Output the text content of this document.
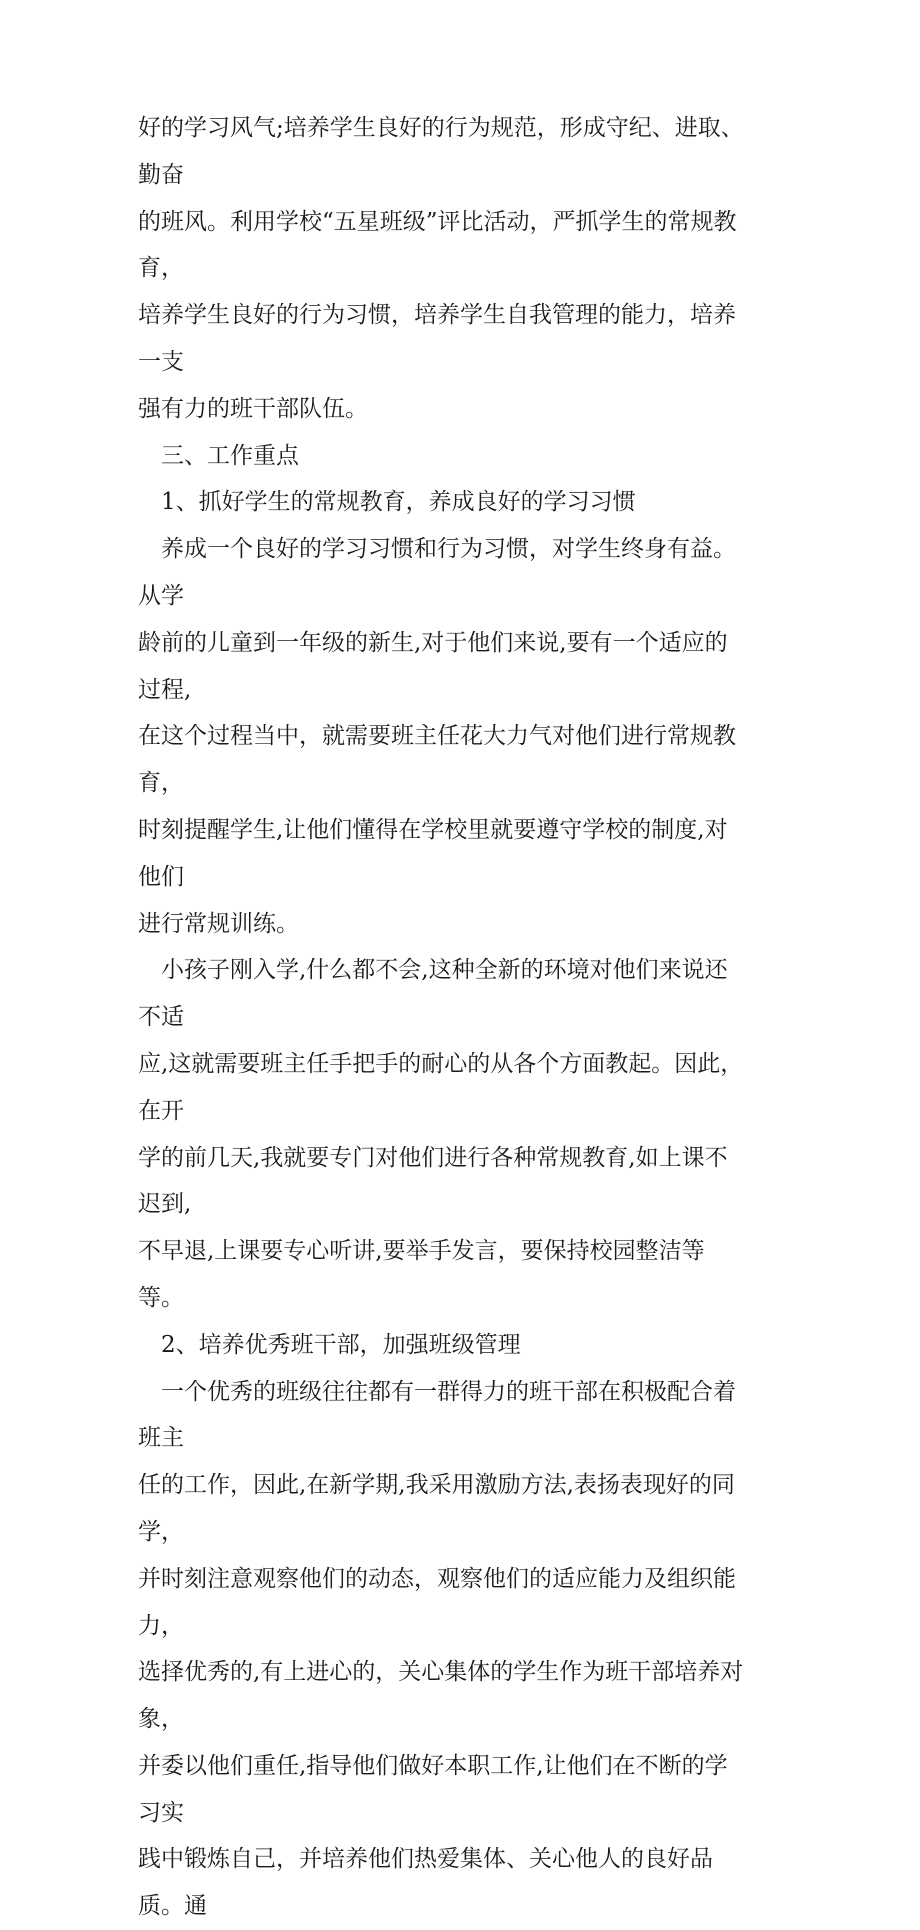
好的学习风气;培养学生良好的行为规范，形成守纪、进取、勤奋
的班风。利用学校“五星班级”评比活动，严抓学生的常规教育，
培养学生良好的行为习惯，培养学生自我管理的能力，培养一支
强有力的班干部队伍。

三、工作重点

1、抓好学生的常规教育，养成良好的学习习惯

养成一个良好的学习习惯和行为习惯，对学生终身有益。从学
龄前的儿童到一年级的新生,对于他们来说,要有一个适应的过程,
在这个过程当中，就需要班主任花大力气对他们进行常规教育，
时刻提醒学生,让他们懂得在学校里就要遵守学校的制度,对他们
进行常规训练。

小孩子刚入学,什么都不会,这种全新的环境对他们来说还不适
应,这就需要班主任手把手的耐心的从各个方面教起。因此，在开
学的前几天,我就要专门对他们进行各种常规教育,如上课不迟到,
不早退,上课要专心听讲,要举手发言，要保持校园整洁等等。

2、培养优秀班干部，加强班级管理

一个优秀的班级往往都有一群得力的班干部在积极配合着班主
任的工作，因此,在新学期,我采用激励方法,表扬表现好的同学，
并时刻注意观察他们的动态，观察他们的适应能力及组织能力，
选择优秀的,有上进心的，关心集体的学生作为班干部培养对象，
并委以他们重任,指导他们做好本职工作,让他们在不断的学习实
践中锻炼自己，并培养他们热爱集体、关心他人的良好品质。通
